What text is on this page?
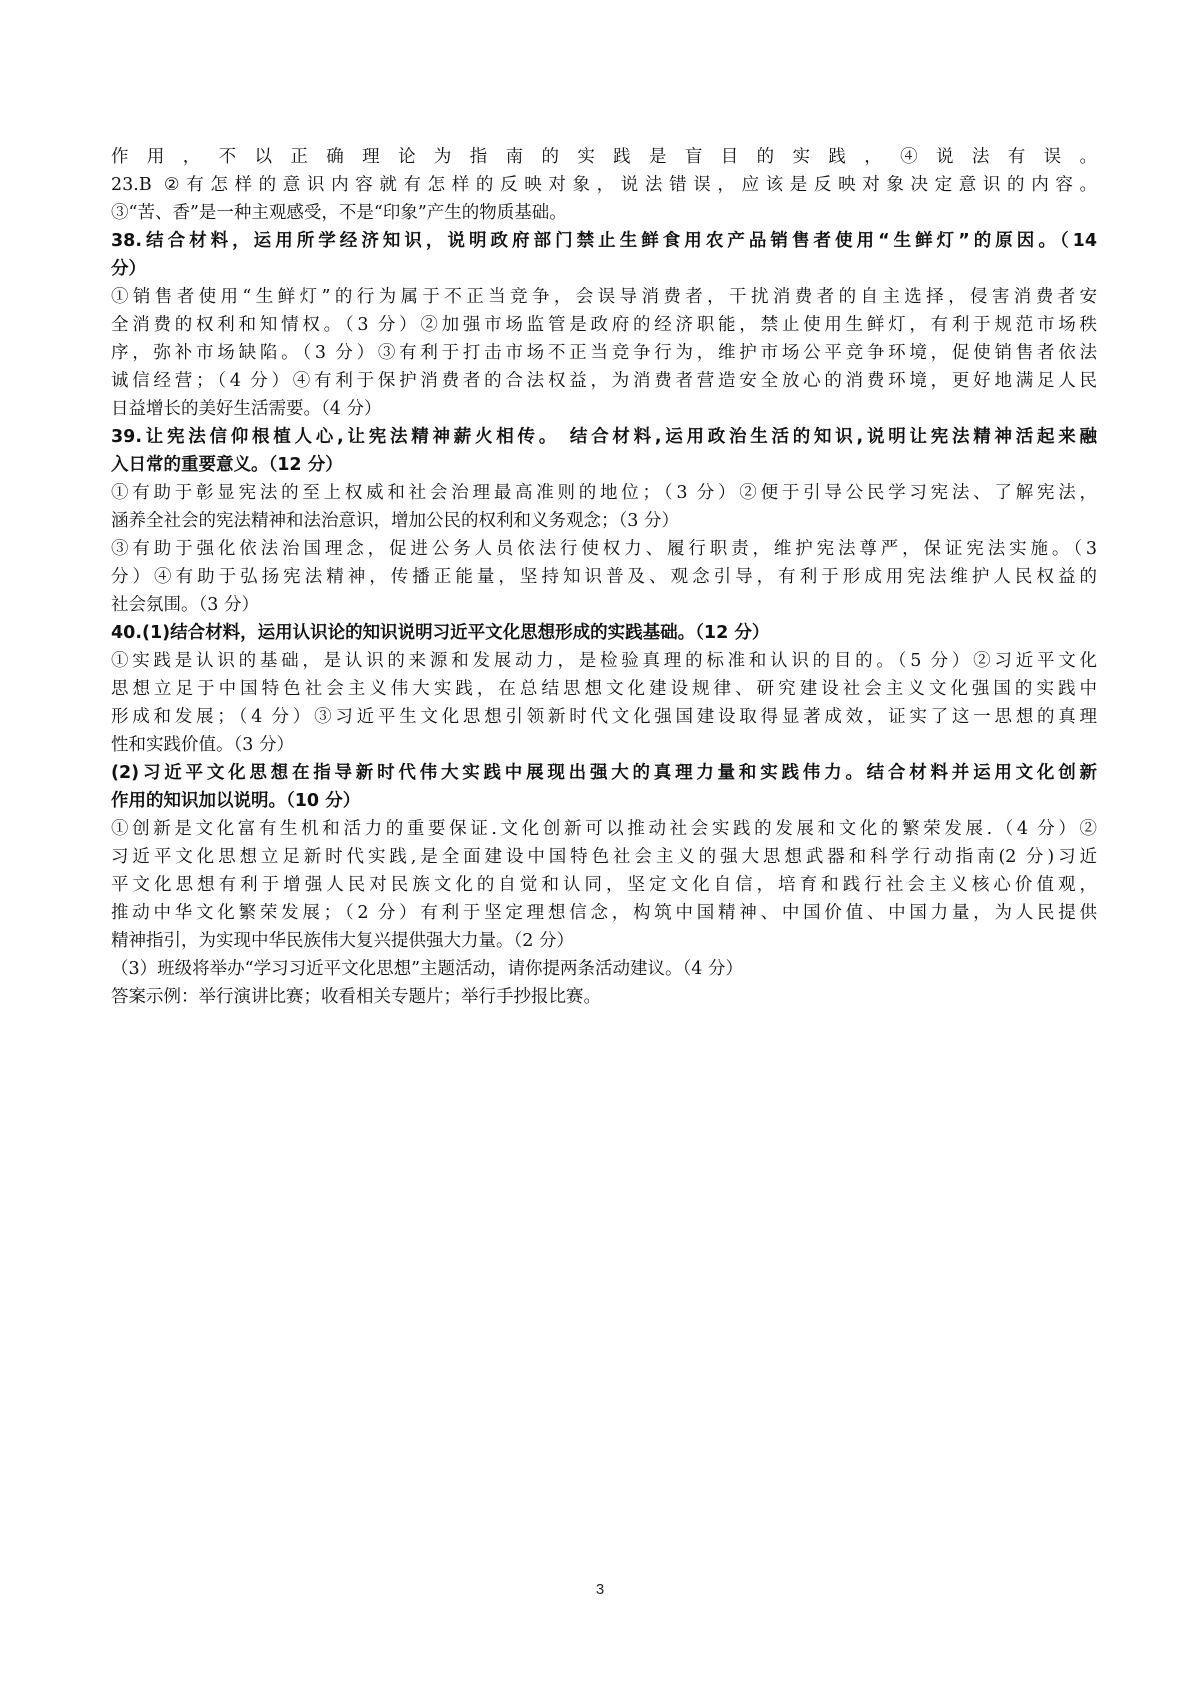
作用，不以正确理论为指南的实践是盲目的实践，④说法有误。
23.B ②有怎样的意识内容就有怎样的反映对象，说法错误，应该是反映对象决定意识的内容。
③“苦、香”是一种主观感受，不是“印象”产生的物质基础。
38.结合材料，运用所学经济知识，说明政府部门禁止生鲜食用农产品销售者使用“生鲜灯”的原因。（14
分）
①销售者使用“生鲜灯”的行为属于不正当竞争，会误导消费者，干扰消费者的自主选择，侵害消费者安
全消费的权利和知情权。（3 分）②加强市场监管是政府的经济职能，禁止使用生鲜灯，有利于规范市场秩
序，弥补市场缺陷。（3 分）③有利于打击市场不正当竞争行为，维护市场公平竞争环境，促使销售者依法
诚信经营；（4 分）④有利于保护消费者的合法权益，为消费者营造安全放心的消费环境，更好地满足人民
日益增长的美好生活需要。（4 分）
39.让宪法信仰根植人心,让宪法精神薪火相传。 结合材料,运用政治生活的知识,说明让宪法精神活起来融
入日常的重要意义。（12 分）
①有助于彰显宪法的至上权威和社会治理最高准则的地位；（3 分）②便于引导公民学习宪法、了解宪法，
涵养全社会的宪法精神和法治意识，增加公民的权利和义务观念；（3 分）
③有助于强化依法治国理念，促进公务人员依法行使权力、履行职责，维护宪法尊严，保证宪法实施。（3
分）④有助于弘扬宪法精神，传播正能量，坚持知识普及、观念引导，有利于形成用宪法维护人民权益的
社会氛围。（3 分）
40.(1)结合材料，运用认识论的知识说明习近平文化思想形成的实践基础。（12 分）
①实践是认识的基础，是认识的来源和发展动力，是检验真理的标准和认识的目的。（5 分）②习近平文化
思想立足于中国特色社会主义伟大实践，在总结思想文化建设规律、研究建设社会主义文化强国的实践中
形成和发展；（4 分）③习近平生文化思想引领新时代文化强国建设取得显著成效，证实了这一思想的真理
性和实践价值。（3 分）
(2)习近平文化思想在指导新时代伟大实践中展现出强大的真理力量和实践伟力。结合材料并运用文化创新
作用的知识加以说明。（10 分）
①创新是文化富有生机和活力的重要保证.文化创新可以推动社会实践的发展和文化的繁荣发展.（4 分）②
习近平文化思想立足新时代实践,是全面建设中国特色社会主义的强大思想武器和科学行动指南(2 分)习近
平文化思想有利于增强人民对民族文化的自觉和认同，坚定文化自信，培育和践行社会主义核心价值观，
推动中华文化繁荣发展；（2 分）有利于坚定理想信念，构筑中国精神、中国价值、中国力量，为人民提供
精神指引，为实现中华民族伟大复兴提供强大力量。（2 分）
（3）班级将举办“学习习近平文化思想”主题活动，请你提两条活动建议。（4 分）
答案示例：举行演讲比赛；收看相关专题片；举行手抄报比赛。
3
